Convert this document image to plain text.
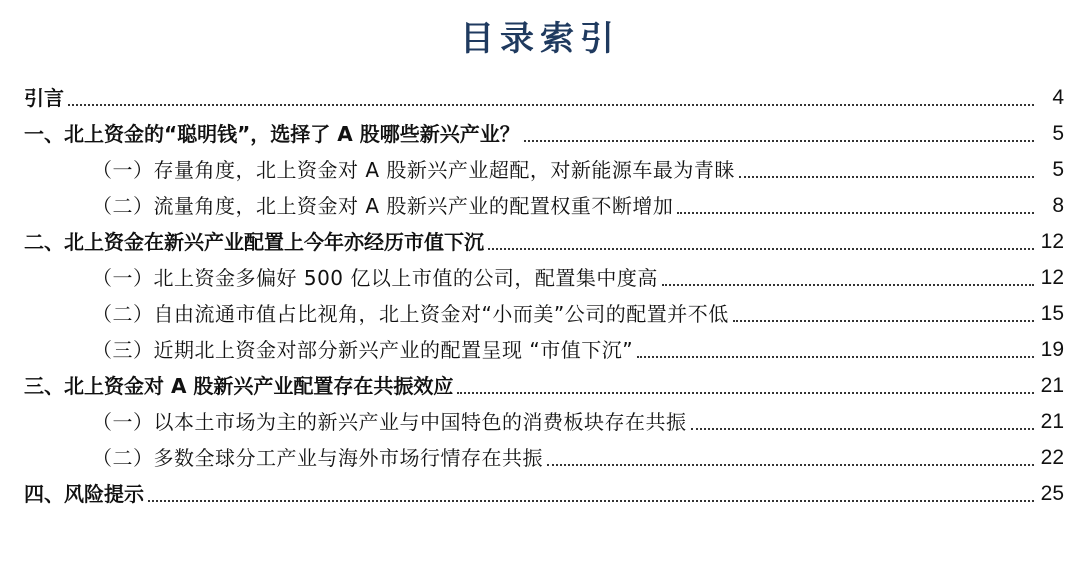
目录索引
引言	4
一、北上资金的“聪明钱”，选择了 A 股哪些新兴产业？	5
（一）存量角度，北上资金对 A 股新兴产业超配，对新能源车最为青睐	5
（二）流量角度，北上资金对 A 股新兴产业的配置权重不断增加	8
二、北上资金在新兴产业配置上今年亦经历市值下沉	12
（一）北上资金多偏好 500 亿以上市值的公司，配置集中度高	12
（二）自由流通市值占比视角，北上资金对“小而美”公司的配置并不低	15
（三）近期北上资金对部分新兴产业的配置呈现 “市值下沉”	19
三、北上资金对 A 股新兴产业配置存在共振效应	21
（一）以本土市场为主的新兴产业与中国特色的消费板块存在共振	21
（二）多数全球分工产业与海外市场行情存在共振	22
四、风险提示	25
